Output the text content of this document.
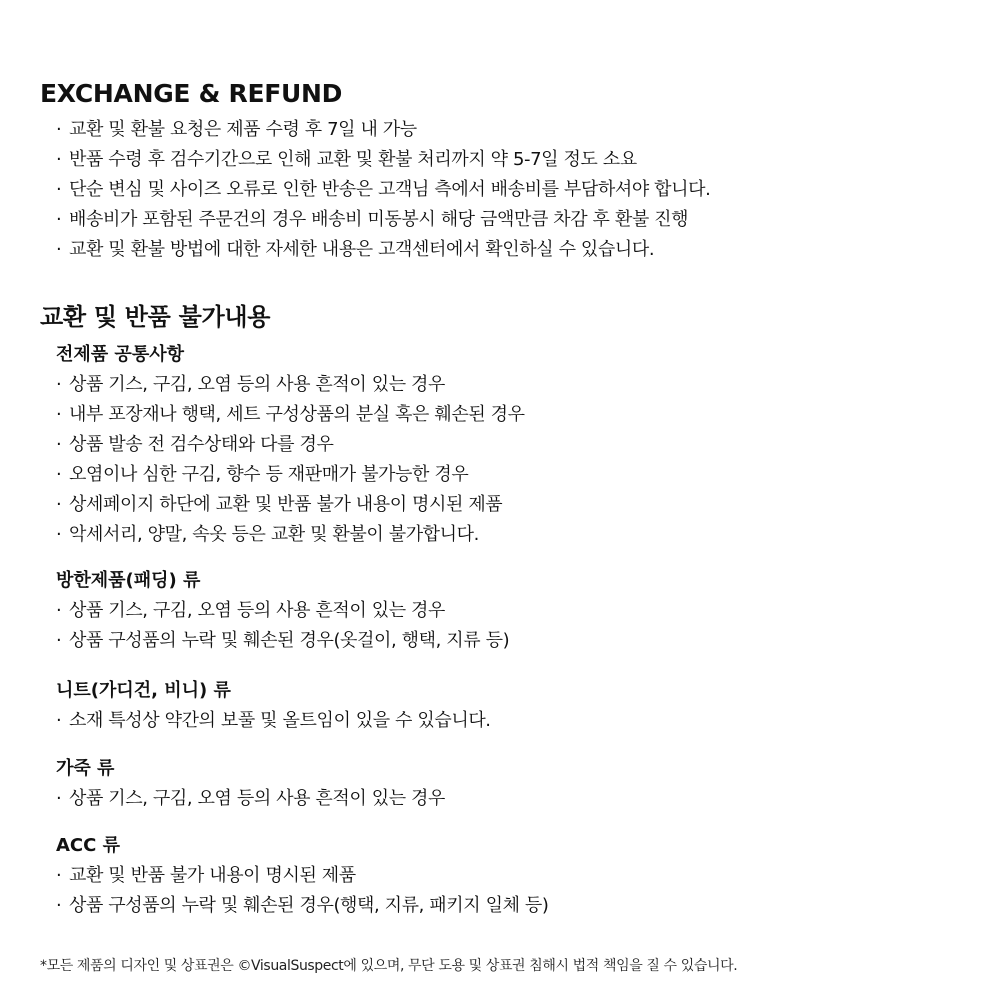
EXCHANGE & REFUND
· 교환 및 환불 요청은 제품 수령 후 7일 내 가능
· 반품 수령 후 검수기간으로 인해 교환 및 환불 처리까지 약 5-7일 정도 소요
· 단순 변심 및 사이즈 오류로 인한 반송은 고객님 측에서 배송비를 부담하셔야 합니다.
· 배송비가 포함된 주문건의 경우 배송비 미동봉시 해당 금액만큼 차감 후 환불 진행
· 교환 및 환불 방법에 대한 자세한 내용은 고객센터에서 확인하실 수 있습니다.
교환 및 반품 불가내용
전제품 공통사항
· 상품 기스, 구김, 오염 등의 사용 흔적이 있는 경우
· 내부 포장재나 행택, 세트 구성상품의 분실 혹은 훼손된 경우
· 상품 발송 전 검수상태와 다를 경우
· 오염이나 심한 구김, 향수 등 재판매가 불가능한 경우
· 상세페이지 하단에 교환 및 반품 불가 내용이 명시된 제품
· 악세서리, 양말, 속옷 등은 교환 및 환불이 불가합니다.
방한제품(패딩) 류
· 상품 기스, 구김, 오염 등의 사용 흔적이 있는 경우
· 상품 구성품의 누락 및 훼손된 경우(옷걸이, 행택, 지류 등)
니트(가디건, 비니) 류
· 소재 특성상 약간의 보풀 및 올트임이 있을 수 있습니다.
가죽 류
· 상품 기스, 구김, 오염 등의 사용 흔적이 있는 경우
ACC 류
· 교환 및 반품 불가 내용이 명시된 제품
· 상품 구성품의 누락 및 훼손된 경우(행택, 지류, 패키지 일체 등)
*모든 제품의 디자인 및 상표권은 ©VisualSuspect에 있으며, 무단 도용 및 상표권 침해시 법적 책임을 질 수 있습니다.
